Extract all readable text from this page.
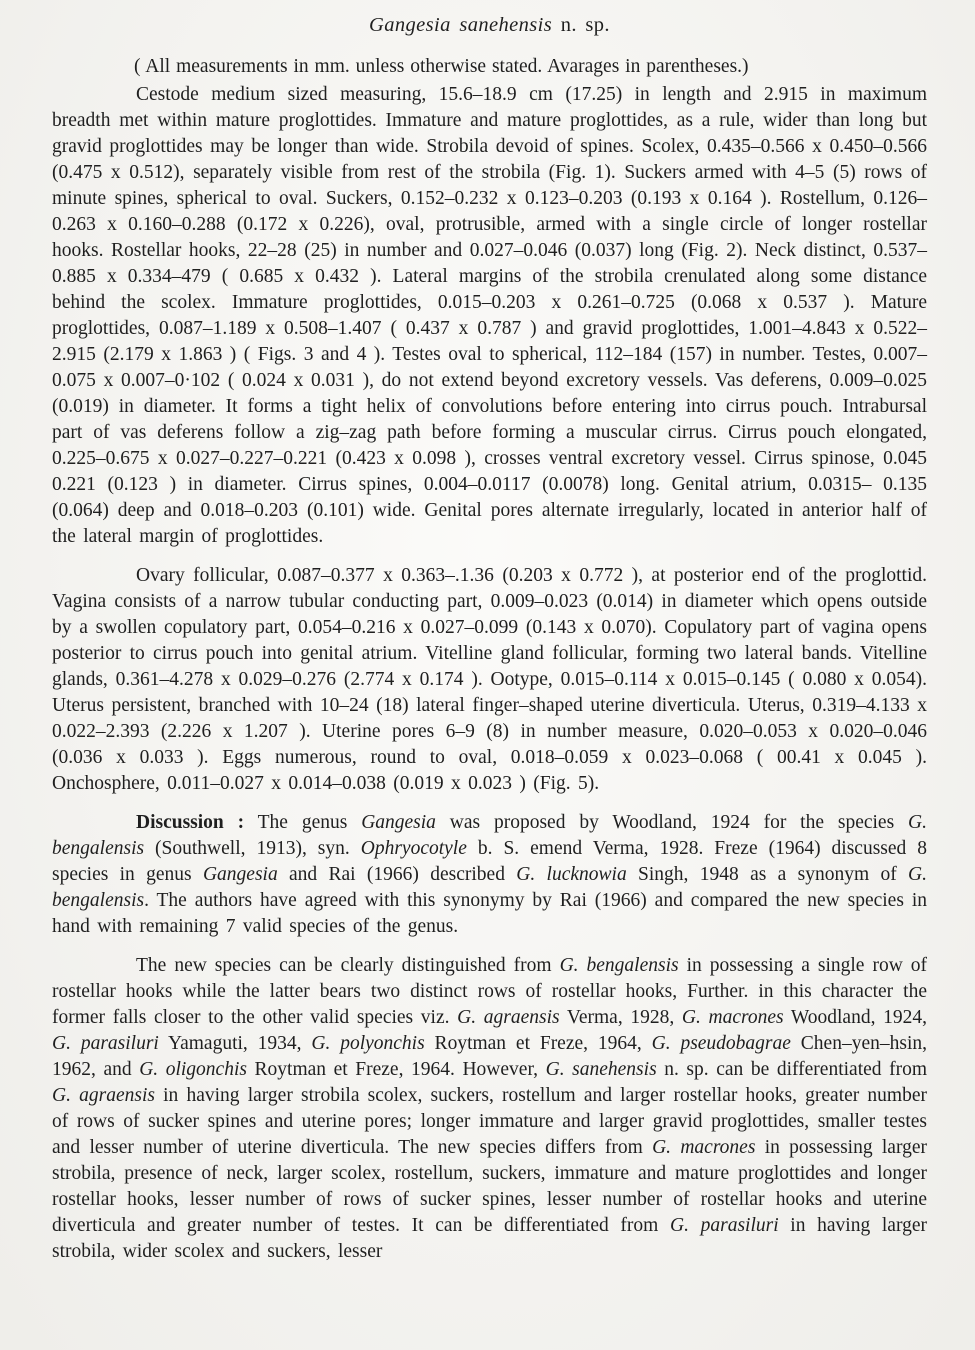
Gangesia sanehensis n. sp.

( All measurements in mm. unless otherwise stated. Avarages in parentheses.)

Cestode medium sized measuring, 15.6–18.9 cm (17.25) in length and 2.915 in maximum breadth met within mature proglottides. Immature and mature proglottides, as a rule, wider than long but gravid proglottides may be longer than wide. Strobila devoid of spines. Scolex, 0.435–0.566 x 0.450–0.566 (0.475 x 0.512), separately visible from rest of the strobila (Fig. 1). Suckers armed with 4–5 (5) rows of minute spines, spherical to oval. Suckers, 0.152–0.232 x 0.123–0.203 (0.193 x 0.164 ). Rostellum, 0.126–0.263 x 0.160–0.288 (0.172 x 0.226), oval, protrusible, armed with a single circle of longer rostellar hooks. Rostellar hooks, 22–28 (25) in number and 0.027–0.046 (0.037) long (Fig. 2). Neck distinct, 0.537–0.885 x 0.334–479 ( 0.685 x 0.432 ). Lateral margins of the strobila crenulated along some distance behind the scolex. Immature proglottides, 0.015–0.203 x 0.261–0.725 (0.068 x 0.537 ). Mature proglottides, 0.087–1.189 x 0.508–1.407 ( 0.437 x 0.787 ) and gravid proglottides, 1.001–4.843 x 0.522–2.915 (2.179 x 1.863 ) ( Figs. 3 and 4 ). Testes oval to spherical, 112–184 (157) in number. Testes, 0.007–0.075 x 0.007–0·102 ( 0.024 x 0.031 ), do not extend beyond excretory vessels. Vas deferens, 0.009–0.025 (0.019) in diameter. It forms a tight helix of convolutions before entering into cirrus pouch. Intrabursal part of vas deferens follow a zig–zag path before forming a muscular cirrus. Cirrus pouch elongated, 0.225–0.675 x 0.027–0.227–0.221 (0.423 x 0.098 ), crosses ventral excretory vessel. Cirrus spinose, 0.045 0.221 (0.123 ) in diameter. Cirrus spines, 0.004–0.0117 (0.0078) long. Genital atrium, 0.0315– 0.135 (0.064) deep and 0.018–0.203 (0.101) wide. Genital pores alternate irregularly, located in anterior half of the lateral margin of proglottides.

Ovary follicular, 0.087–0.377 x 0.363–.1.36 (0.203 x 0.772 ), at posterior end of the proglottid. Vagina consists of a narrow tubular conducting part, 0.009–0.023 (0.014) in diameter which opens outside by a swollen copulatory part, 0.054–0.216 x 0.027–0.099 (0.143 x 0.070). Copulatory part of vagina opens posterior to cirrus pouch into genital atrium. Vitelline gland follicular, forming two lateral bands. Vitelline glands, 0.361–4.278 x 0.029–0.276 (2.774 x 0.174 ). Ootype, 0.015–0.114 x 0.015–0.145 ( 0.080 x 0.054). Uterus persistent, branched with 10–24 (18) lateral finger–shaped uterine diverticula. Uterus, 0.319–4.133 x 0.022–2.393 (2.226 x 1.207 ). Uterine pores 6–9 (8) in number measure, 0.020–0.053 x 0.020–0.046 (0.036 x 0.033 ). Eggs numerous, round to oval, 0.018–0.059 x 0.023–0.068 ( 00.41 x 0.045 ). Onchosphere, 0.011–0.027 x 0.014–0.038 (0.019 x 0.023 ) (Fig. 5).

Discussion : The genus Gangesia was proposed by Woodland, 1924 for the species G. bengalensis (Southwell, 1913), syn. Ophryocotyle b. S. emend Verma, 1928. Freze (1964) discussed 8 species in genus Gangesia and Rai (1966) described G. lucknowia Singh, 1948 as a synonym of G. bengalensis. The authors have agreed with this synonymy by Rai (1966) and compared the new species in hand with remaining 7 valid species of the genus.

The new species can be clearly distinguished from G. bengalensis in possessing a single row of rostellar hooks while the latter bears two distinct rows of rostellar hooks, Further. in this character the former falls closer to the other valid species viz. G. agraensis Verma, 1928, G. macrones Woodland, 1924, G. parasiluri Yamaguti, 1934, G. polyonchis Roytman et Freze, 1964, G. pseudobagrae Chen–yen–hsin, 1962, and G. oligonchis Roytman et Freze, 1964. However, G. sanehensis n. sp. can be differentiated from G. agraensis in having larger strobila scolex, suckers, rostellum and larger rostellar hooks, greater number of rows of sucker spines and uterine pores; longer immature and larger gravid proglottides, smaller testes and lesser number of uterine diverticula. The new species differs from G. macrones in possessing larger strobila, presence of neck, larger scolex, rostellum, suckers, immature and mature proglottides and longer rostellar hooks, lesser number of rows of sucker spines, lesser number of rostellar hooks and uterine diverticula and greater number of testes. It can be differentiated from G. parasiluri in having larger strobila, wider scolex and suckers, lesser
